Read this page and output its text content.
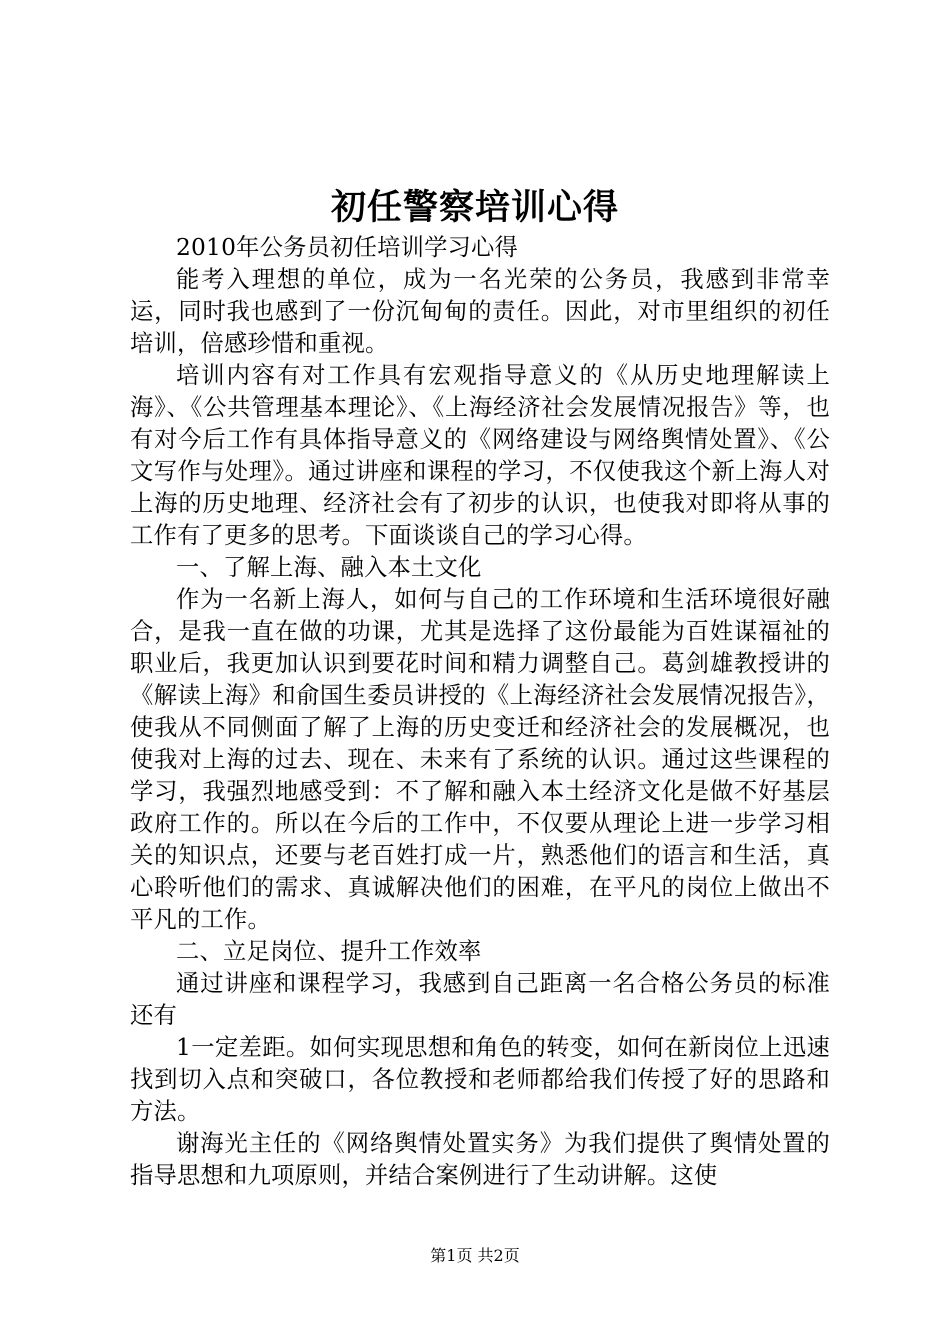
初任警察培训心得

2010年公务员初任培训学习心得

能考入理想的单位，成为一名光荣的公务员，我感到非常幸运，同时我也感到了一份沉甸甸的责任。因此，对市里组织的初任培训，倍感珍惜和重视。

培训内容有对工作具有宏观指导意义的《从历史地理解读上海》、《公共管理基本理论》、《上海经济社会发展情况报告》等，也有对今后工作有具体指导意义的《网络建设与网络舆情处置》、《公文写作与处理》。通过讲座和课程的学习，不仅使我这个新上海人对上海的历史地理、经济社会有了初步的认识，也使我对即将从事的工作有了更多的思考。下面谈谈自己的学习心得。

一、了解上海、融入本土文化

作为一名新上海人，如何与自己的工作环境和生活环境很好融合，是我一直在做的功课，尤其是选择了这份最能为百姓谋福祉的职业后，我更加认识到要花时间和精力调整自己。葛剑雄教授讲的《解读上海》和俞国生委员讲授的《上海经济社会发展情况报告》，使我从不同侧面了解了上海的历史变迁和经济社会的发展概况，也使我对上海的过去、现在、未来有了系统的认识。通过这些课程的学习，我强烈地感受到：不了解和融入本土经济文化是做不好基层政府工作的。所以在今后的工作中，不仅要从理论上进一步学习相关的知识点，还要与老百姓打成一片，熟悉他们的语言和生活，真心聆听他们的需求、真诚解决他们的困难，在平凡的岗位上做出不平凡的工作。

二、立足岗位、提升工作效率

通过讲座和课程学习，我感到自己距离一名合格公务员的标准还有

1一定差距。如何实现思想和角色的转变，如何在新岗位上迅速找到切入点和突破口，各位教授和老师都给我们传授了好的思路和方法。

谢海光主任的《网络舆情处置实务》为我们提供了舆情处置的指导思想和九项原则，并结合案例进行了生动讲解。这使

第1页 共2页
